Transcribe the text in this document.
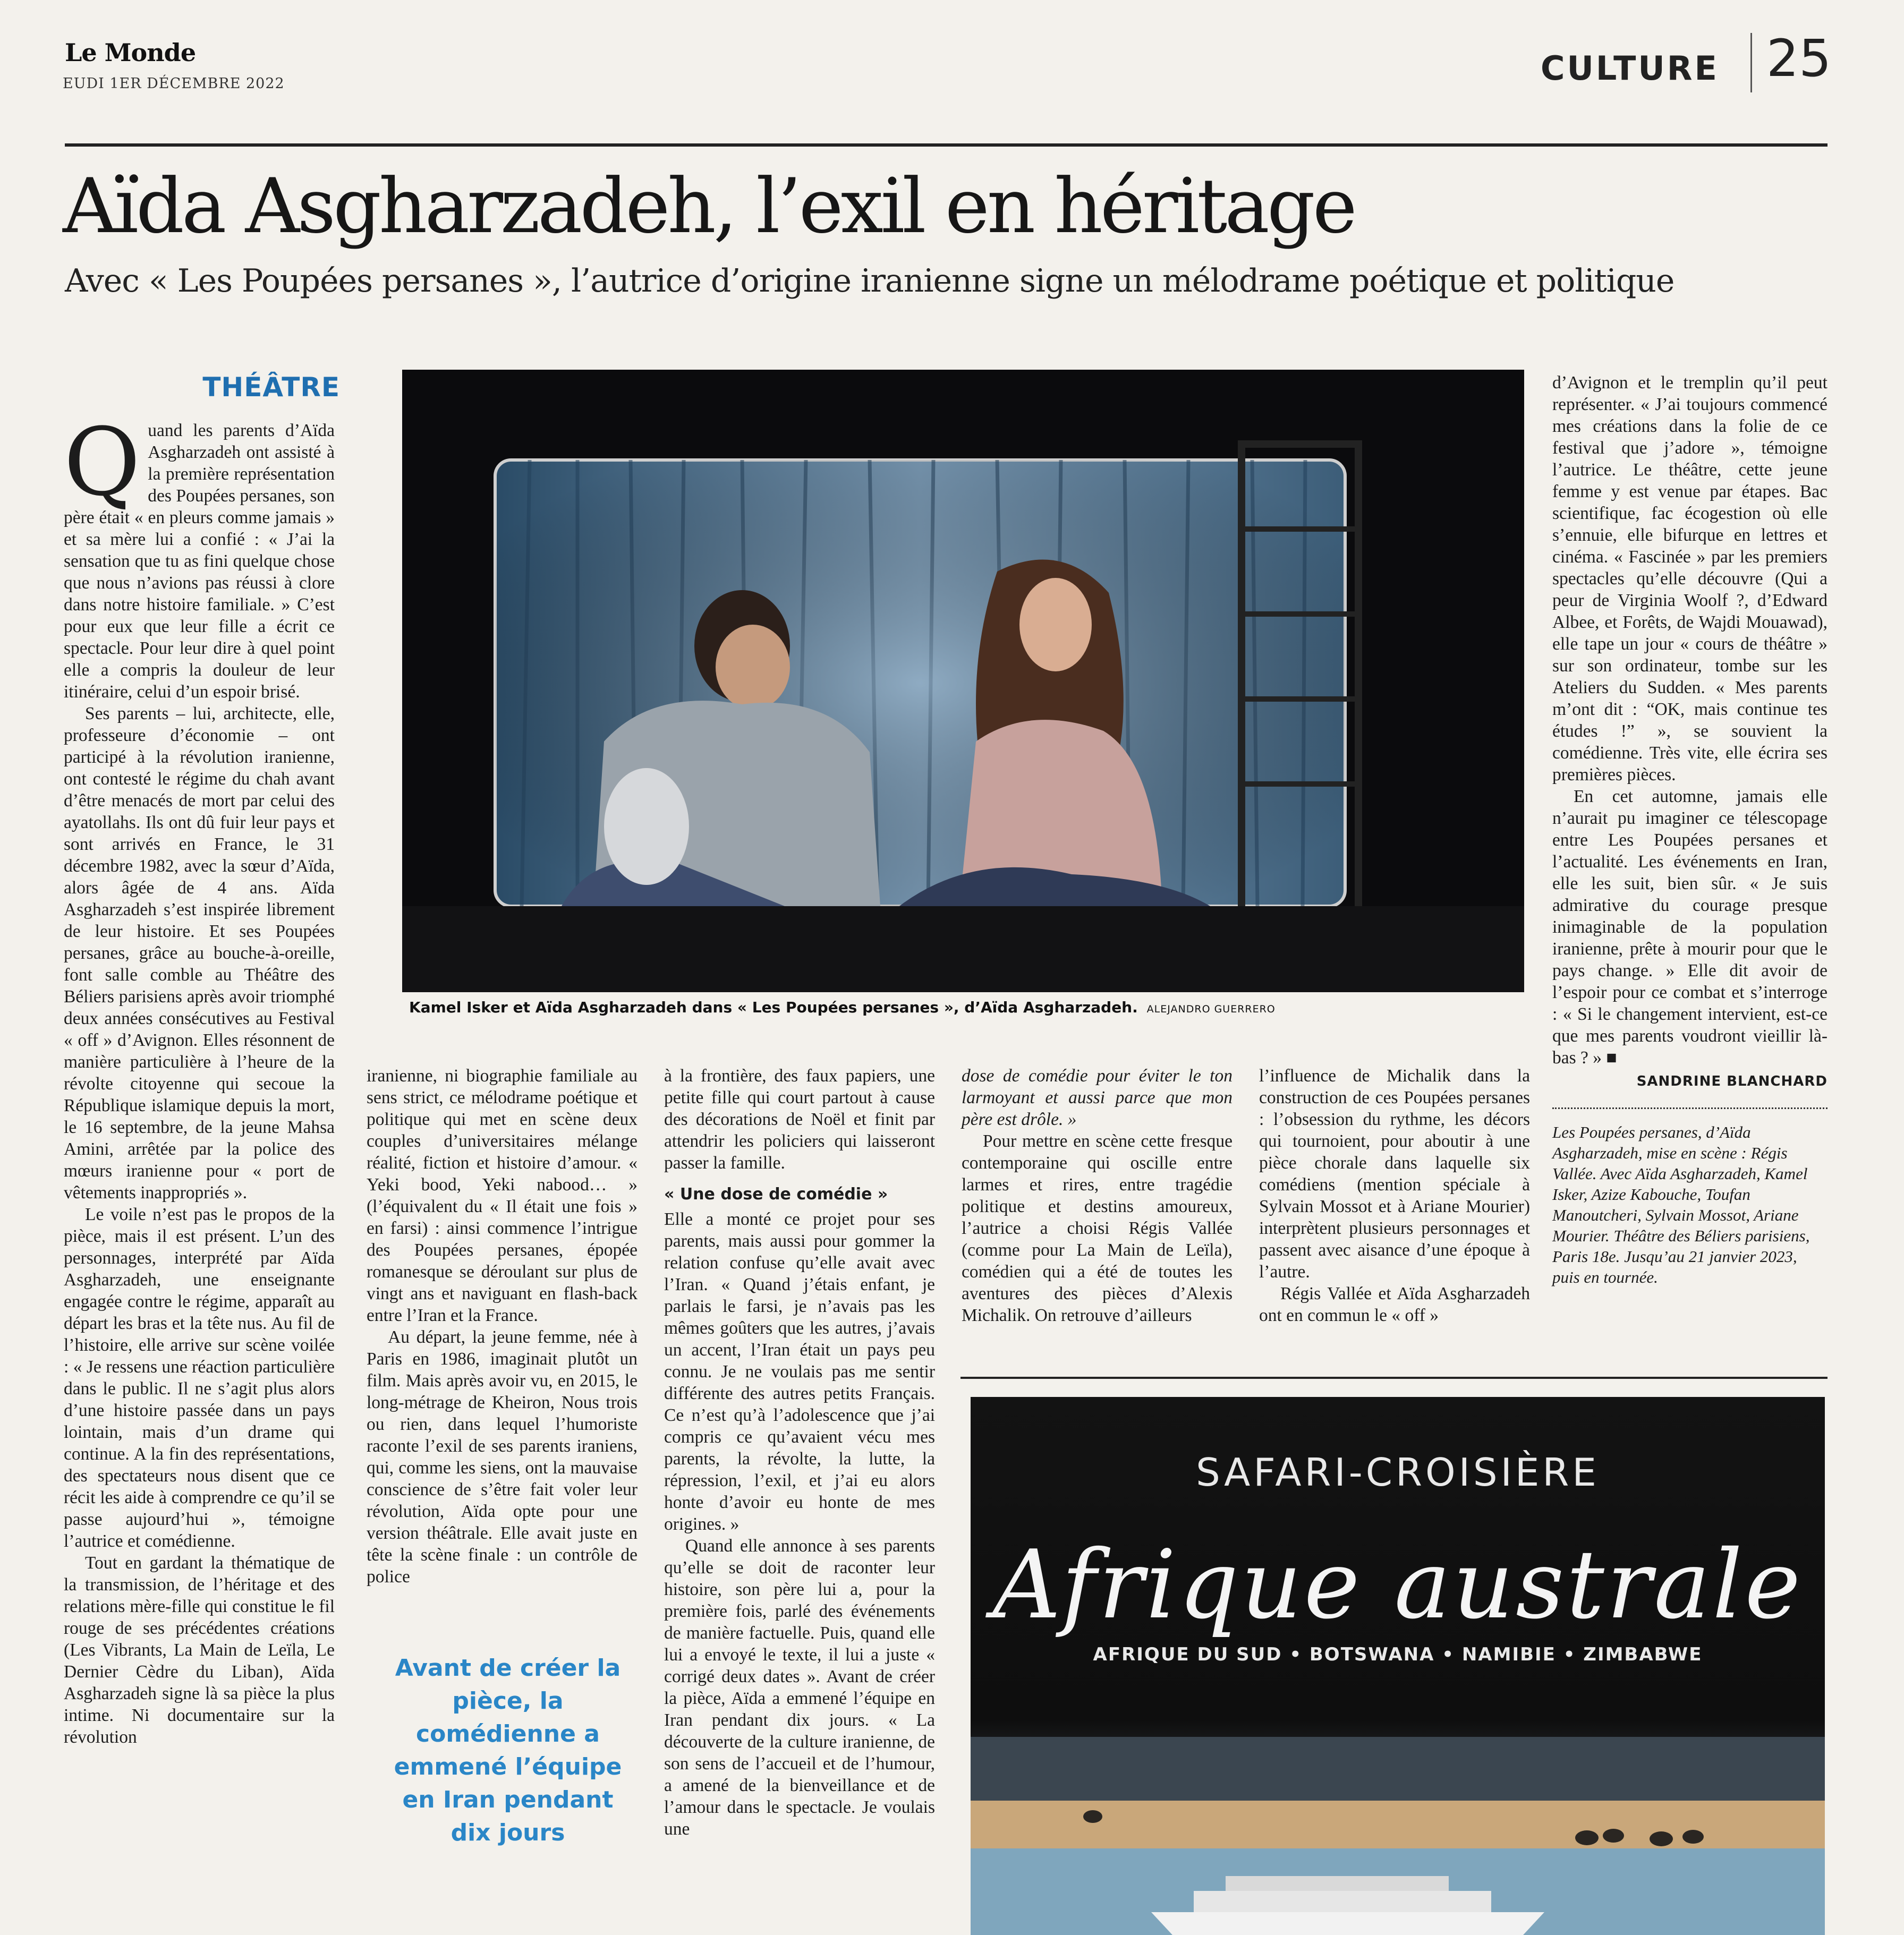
Le Monde
EUDI 1ER DÉCEMBRE 2022	CULTURE 25

Aïda Asgharzadeh, l’exil en héritage
Avec « Les Poupées persanes », l’autrice d’origine iranienne signe un mélodrame poétique et politique
THÉÂTRE
Q uand les parents d’Aïda Asgharzadeh ont assisté à la première représentation des Poupées persanes, son père était « en pleurs comme jamais » et sa mère lui a confié : « J’ai la sensation que tu as fini quelque chose que nous n’avions pas réussi à clore dans notre histoire familiale. » C’est pour eux que leur fille a écrit ce spectacle. Pour leur dire à quel point elle a compris la douleur de leur itinéraire, celui d’un espoir brisé.

Ses parents – lui, architecte, elle, professeure d’économie – ont participé à la révolution iranienne, ont contesté le régime du chah avant d’être menacés de mort par celui des ayatollahs. Ils ont dû fuir leur pays et sont arrivés en France, le 31 décembre 1982, avec la sœur d’Aïda, alors âgée de 4 ans. Aïda Asgharzadeh s’est inspirée librement de leur histoire. Et ses Poupées persanes, grâce au bouche-à-oreille, font salle comble au Théâtre des Béliers parisiens après avoir triomphé deux années consécutives au Festival « off » d’Avignon. Elles résonnent de manière particulière à l’heure de la révolte citoyenne qui secoue la République islamique depuis la mort, le 16 septembre, de la jeune Mahsa Amini, arrêtée par la police des mœurs iranienne pour « port de vêtements inappropriés ».

Le voile n’est pas le propos de la pièce, mais il est présent. L’un des personnages, interprété par Aïda Asgharzadeh, une enseignante engagée contre le régime, apparaît au départ les bras et la tête nus. Au fil de l’histoire, elle arrive sur scène voilée : « Je ressens une réaction particulière dans le public. Il ne s’agit plus alors d’une histoire passée dans un pays lointain, mais d’un drame qui continue. A la fin des représentations, des spectateurs nous disent que ce récit les aide à comprendre ce qu’il se passe aujourd’hui », témoigne l’autrice et comédienne.

Tout en gardant la thématique de la transmission, de l’héritage et des relations mère-fille qui constitue le fil rouge de ses précédentes créations (Les Vibrants, La Main de Leïla, Le Dernier Cèdre du Liban), Aïda Asgharzadeh signe là sa pièce la plus intime. Ni documentaire sur la révolution

Kamel Isker et Aïda Asgharzadeh dans « Les Poupées persanes », d’Aïda Asgharzadeh. ALEJANDRO GUERRERO

iranienne, ni biographie familiale au sens strict, ce mélodrame poétique et politique qui met en scène deux couples d’universitaires mélange réalité, fiction et histoire d’amour. « Yeki bood, Yeki nabood… » (l’équivalent du « Il était une fois » en farsi) : ainsi commence l’intrigue des Poupées persanes, épopée romanesque se déroulant sur plus de vingt ans et naviguant en flash-back entre l’Iran et la France.

Au départ, la jeune femme, née à Paris en 1986, imaginait plutôt un film. Mais après avoir vu, en 2015, le long-métrage de Kheiron, Nous trois ou rien, dans lequel l’humoriste raconte l’exil de ses parents iraniens, qui, comme les siens, ont la mauvaise conscience de s’être fait voler leur révolution, Aïda opte pour une version théâtrale. Elle avait juste en tête la scène finale : un contrôle de police

Avant de créer la pièce, la comédienne a emmené l’équipe en Iran pendant dix jours

à la frontière, des faux papiers, une petite fille qui court partout à cause des décorations de Noël et finit par attendrir les policiers qui laisseront passer la famille.

« Une dose de comédie »

Elle a monté ce projet pour ses parents, mais aussi pour gommer la relation confuse qu’elle avait avec l’Iran. « Quand j’étais enfant, je parlais le farsi, je n’avais pas les mêmes goûters que les autres, j’avais un accent, l’Iran était un pays peu connu. Je ne voulais pas me sentir différente des autres petits Français. Ce n’est qu’à l’adolescence que j’ai compris ce qu’avaient vécu mes parents, la révolte, la lutte, la répression, l’exil, et j’ai eu alors honte d’avoir eu honte de mes origines. »

Quand elle annonce à ses parents qu’elle se doit de raconter leur histoire, son père lui a, pour la première fois, parlé des événements de manière factuelle. Puis, quand elle lui a envoyé le texte, il lui a juste « corrigé deux dates ». Avant de créer la pièce, Aïda a emmené l’équipe en Iran pendant dix jours. « La découverte de la culture iranienne, de son sens de l’accueil et de l’humour, a amené de la bienveillance et de l’amour dans le spectacle. Je voulais une

dose de comédie pour éviter le ton larmoyant et aussi parce que mon père est drôle. »

Pour mettre en scène cette fresque contemporaine qui oscille entre larmes et rires, entre tragédie politique et destins amoureux, l’autrice a choisi Régis Vallée (comme pour La Main de Leïla), comédien qui a été de toutes les aventures des pièces d’Alexis Michalik. On retrouve d’ailleurs

l’influence de Michalik dans la construction de ces Poupées persanes : l’obsession du rythme, les décors qui tournoient, pour aboutir à une pièce chorale dans laquelle six comédiens (mention spéciale à Sylvain Mossot et à Ariane Mourier) interprètent plusieurs personnages et passent avec aisance d’une époque à l’autre.

Régis Vallée et Aïda Asgharzadeh ont en commun le « off »

d’Avignon et le tremplin qu’il peut représenter. « J’ai toujours commencé mes créations dans la folie de ce festival que j’adore », témoigne l’autrice. Le théâtre, cette jeune femme y est venue par étapes. Bac scientifique, fac écogestion où elle s’ennuie, elle bifurque en lettres et cinéma. « Fascinée » par les premiers spectacles qu’elle découvre (Qui a peur de Virginia Woolf ?, d’Edward Albee, et Forêts, de Wajdi Mouawad), elle tape un jour « cours de théâtre » sur son ordinateur, tombe sur les Ateliers du Sudden. « Mes parents m’ont dit : “OK, mais continue tes études !” », se souvient la comédienne. Très vite, elle écrira ses premières pièces.

En cet automne, jamais elle n’aurait pu imaginer ce télescopage entre Les Poupées persanes et l’actualité. Les événements en Iran, elle les suit, bien sûr. « Je suis admirative du courage presque inimaginable de la population iranienne, prête à mourir pour que le pays change. » Elle dit avoir de l’espoir pour ce combat et s’interroge : « Si le changement intervient, est-ce que mes parents voudront vieillir là-bas ? » ■

SANDRINE BLANCHARD
Les Poupées persanes, d’Aïda Asgharzadeh, mise en scène : Régis Vallée. Avec Aïda Asgharzadeh, Kamel Isker, Azize Kabouche, Toufan Manoutcheri, Sylvain Mossot, Ariane Mourier. Théâtre des Béliers parisiens, Paris 18e. Jusqu’au 21 janvier 2023, puis en tournée.
SAFARI-CROISIÈRE
Afrique australe
AFRIQUE DU SUD • BOTSWANA • NAMIBIE • ZIMBABWE
